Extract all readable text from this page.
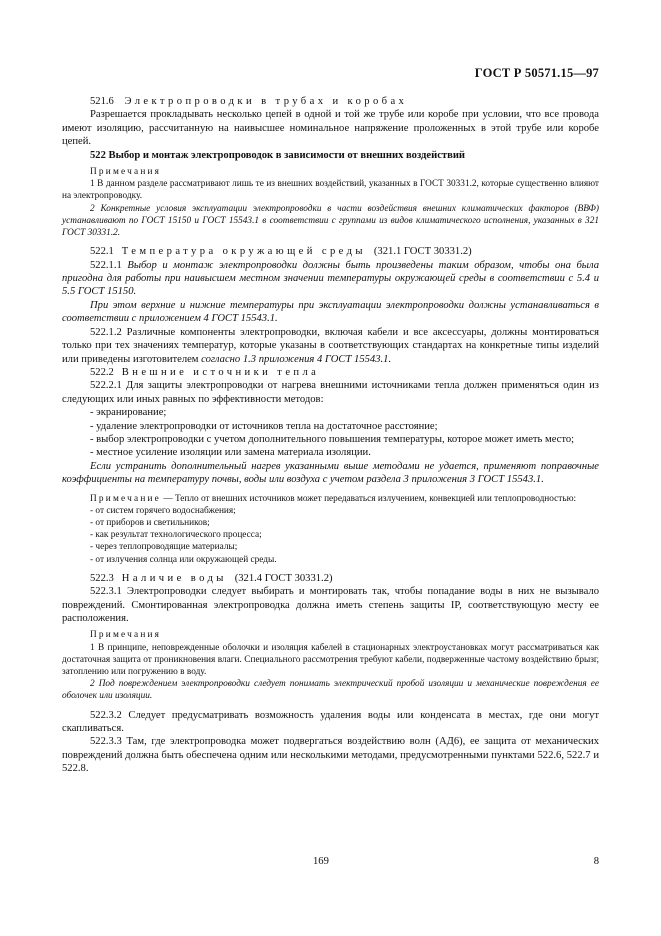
ГОСТ Р 50571.15—97

521.6 Электропроводки в трубах и коробах

Разрешается прокладывать несколько цепей в одной и той же трубе или коробе при условии, что все провода имеют изоляцию, рассчитанную на наивысшее номинальное напряжение проложенных в этой трубе или коробе цепей.

522 Выбор и монтаж электропроводок в зависимости от внешних воздействий

Примечания

1 В данном разделе рассматривают лишь те из внешних воздействий, указанных в ГОСТ 30331.2, которые существенно влияют на электропроводку.

2 Конкретные условия эксплуатации электропроводки в части воздействия внешних климатических факторов (ВВФ) устанавливают по ГОСТ 15150 и ГОСТ 15543.1 в соответствии с группами из видов климатического исполнения, указанных в 321 ГОСТ 30331.2.

522.1 Температура окружающей среды (321.1 ГОСТ 30331.2)

522.1.1 Выбор и монтаж электропроводки должны быть произведены таким образом, чтобы она была пригодна для работы при наивысшем местном значении температуры окружающей среды в соответствии с 5.4 и 5.5 ГОСТ 15150.

При этом верхние и нижние температуры при эксплуатации электропроводки должны устанавливаться в соответствии с приложением 4 ГОСТ 15543.1.

522.1.2 Различные компоненты электропроводки, включая кабели и все аксессуары, должны монтироваться только при тех значениях температур, которые указаны в соответствующих стандартах на конкретные типы изделий или приведены изготовителем согласно 1.3 приложения 4 ГОСТ 15543.1.

522.2 Внешние источники тепла

522.2.1 Для защиты электропроводки от нагрева внешними источниками тепла должен применяться один из следующих или иных равных по эффективности методов:

- экранирование;

- удаление электропроводки от источников тепла на достаточное расстояние;

- выбор электропроводки с учетом дополнительного повышения температуры, которое может иметь место;

- местное усиление изоляции или замена материала изоляции.

Если устранить дополнительный нагрев указанными выше методами не удается, применяют поправочные коэффициенты на температуру почвы, воды или воздуха с учетом раздела 3 приложения 3 ГОСТ 15543.1.

Примечание — Тепло от внешних источников может передаваться излучением, конвекцией или теплопроводностью:

- от систем горячего водоснабжения;

- от приборов и светильников;

- как результат технологического процесса;

- через теплопроводящие материалы;

- от излучения солнца или окружающей среды.

522.3 Наличие воды (321.4 ГОСТ 30331.2)

522.3.1 Электропроводки следует выбирать и монтировать так, чтобы попадание воды в них не вызывало повреждений. Смонтированная электропроводка должна иметь степень защиты IP, соответствующую месту ее расположения.

Примечания

1 В принципе, неповрежденные оболочки и изоляция кабелей в стационарных электроустановках могут рассматриваться как достаточная защита от проникновения влаги. Специального рассмотрения требуют кабели, подверженные частому воздействию брызг, затоплению или погружению в воду.

2 Под повреждением электропроводки следует понимать электрический пробой изоляции и механические повреждения ее оболочек или изоляции.

522.3.2 Следует предусматривать возможность удаления воды или конденсата в местах, где они могут скапливаться.

522.3.3 Там, где электропроводка может подвергаться воздействию волн (АД6), ее защита от механических повреждений должна быть обеспечена одним или несколькими методами, предусмотренными пунктами 522.6, 522.7 и 522.8.

169	8
